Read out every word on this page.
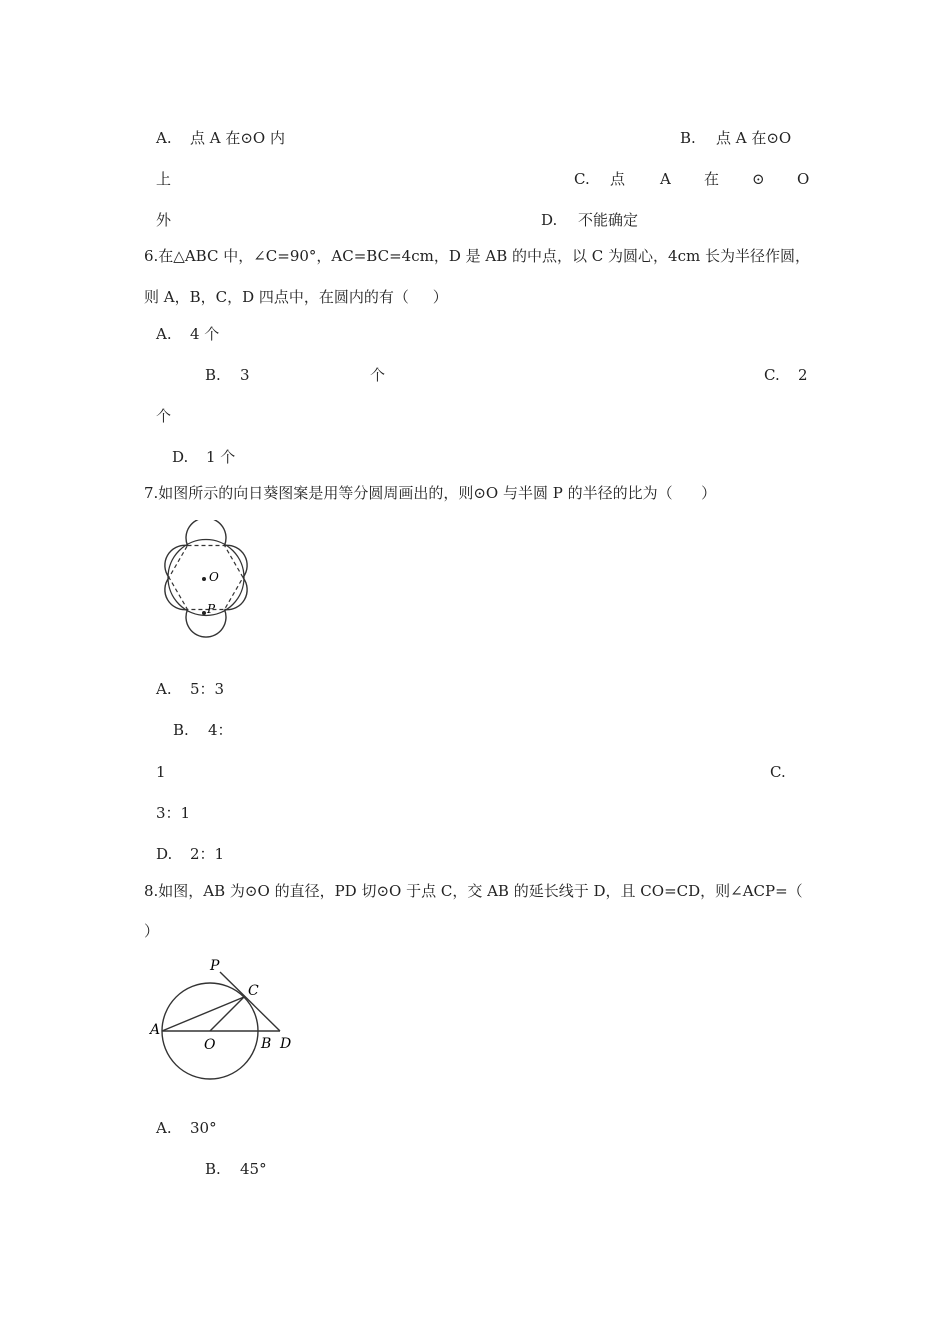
A. 点 A 在⊙O 内	B. 点 A 在⊙O
上	C. 点 A 在 ⊙ O
外	D. 不能确定
6.在△ABC 中，∠C=90°，AC=BC=4cm，D 是 AB 的中点，以 C 为圆心，4cm 长为半径作圆，
则 A，B，C，D 四点中，在圆内的有（     ）
A. 4 个
B. 3	个	C. 2
个
D. 1 个
7.如图所示的向日葵图案是用等分圆周画出的，则⊙O 与半圆 P 的半径的比为（      ）
O
P
A. 5：3
B. 4：
1	C.
3：1
D. 2：1
8.如图，AB 为⊙O 的直径，PD 切⊙O 于点 C，交 AB 的延长线于 D，且 CO=CD，则∠ACP=（
）
P
C
A
O	B D
A. 30°
B. 45°
